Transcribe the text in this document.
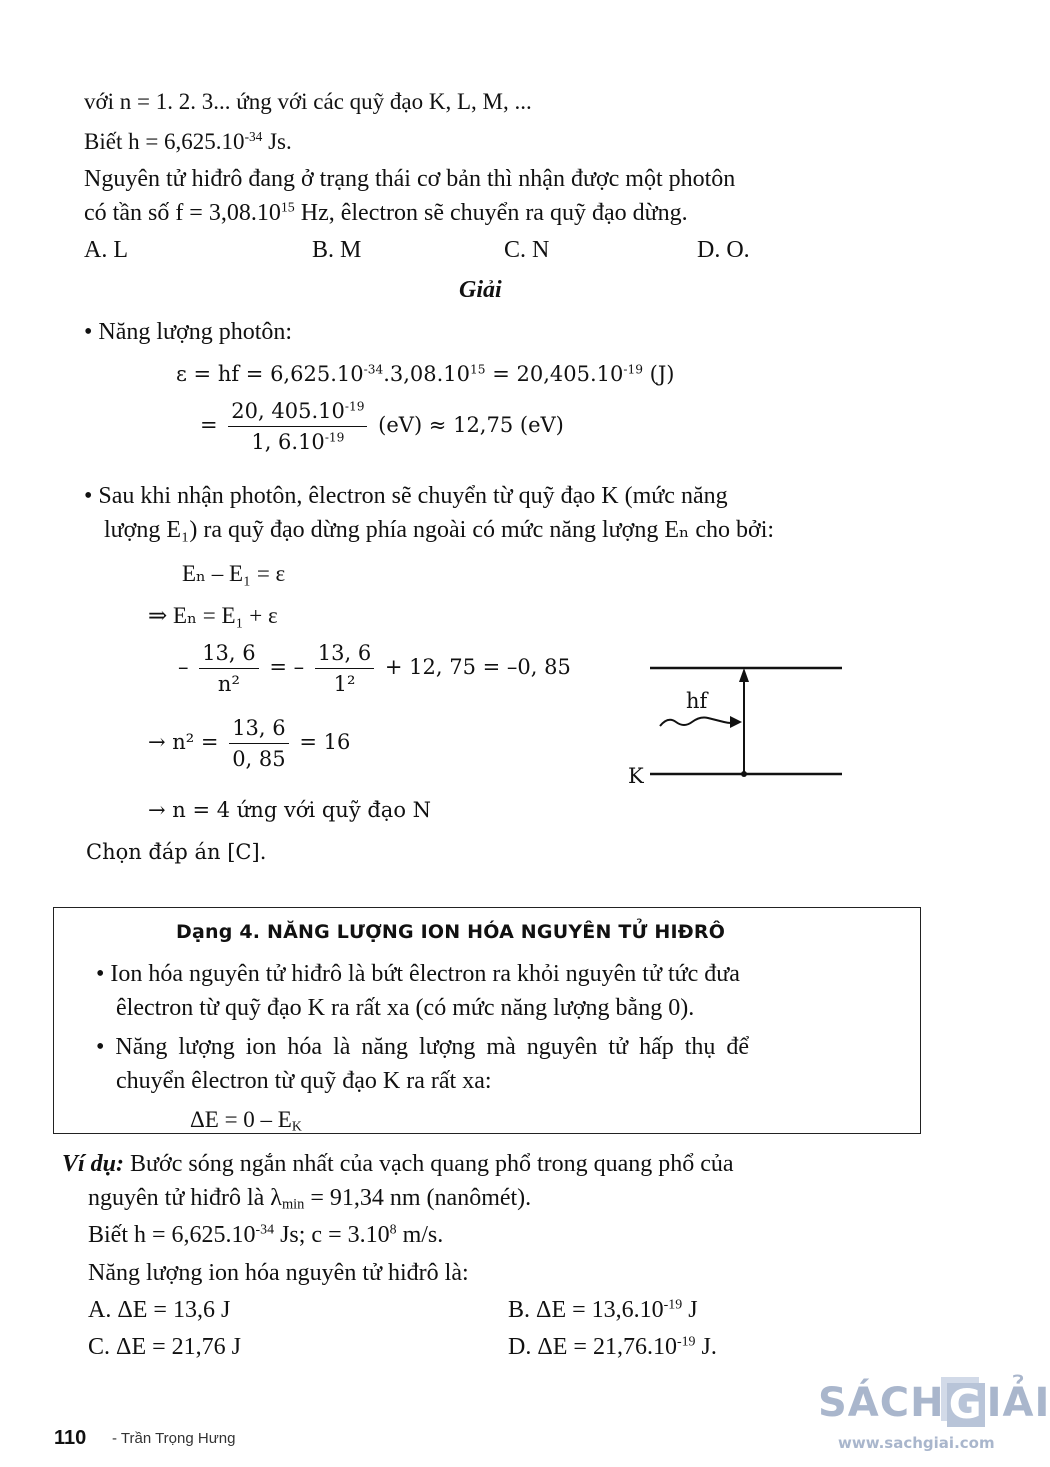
với n = 1. 2. 3... ứng với các quỹ đạo K, L, M, ...
Biết $h = 6,625.10^{-34}$ Js.
Nguyên tử hiđrô đang ở trạng thái cơ bản thì nhận được một photôn
có tần số $f = 3,08.10^{15}$ Hz, êlectron sẽ chuyển ra quỹ đạo dừng.
A. L	B. M	C. N	D. O.
Giải
• Năng lượng photôn:
ε = hf = $6,625.10^{-34}.3,08.10^{15} = 20,405.10^{-19}$ (J)
= $\frac{20, 405.10^{-19}}{1, 6.10^{-19}} (eV) \approx 12,75$ (eV)
• Sau khi nhận photôn, êlectron sẽ chuyển từ quỹ đạo K (mức năng
lượng E₁) ra quỹ đạo dừng phía ngoài có mức năng lượng Eₙ cho bởi:
Eₙ – E₁ = ε
⇒ Eₙ = E₁ + ε
– $\frac{13, 6}{\text{n²}}$ = – $\frac{13, 6}{\text{1²}} + 12$, 75 = –0, 85
→ $n^2 = \frac{13, 6}{0, 85} = 16$
→ n = 4 ứng với quỹ đạo N
Chọn đáp án [C].
hf
K
Dạng 4. NĂNG LƯỢNG ION HÓA NGUYÊN TỬ HIĐRÔ
• Ion hóa nguyên tử hiđrô là bứt êlectron ra khỏi nguyên tử tức đưa
êlectron từ quỹ đạo K ra rất xa (có mức năng lượng bằng 0).
• Năng lượng ion hóa là năng lượng mà nguyên tử hấp thụ để
chuyển êlectron từ quỹ đạo K ra rất xa:
$\Delta E = 0 - E_K$
Ví dụ: Bước sóng ngắn nhất của vạch quang phổ trong quang phổ của
nguyên tử hiđrô là $\lambda_{min} = 91,34$ nm (nanômét).
Biết $h = 6,625.10^{-34}$ Js; $c = 3.10^8$ m/s.
Năng lượng ion hóa nguyên tử hiđrô là:
A. ΔE = 13,6 J	B. $\Delta E = 13,6.10^{-19}$ J
C. ΔE = 21,76 J	D. $\Delta E = 21,76.10^{-19}$ J.
110 - Trần Trọng Hưng
SÁCH G IẢI
www.sachgiai.com
